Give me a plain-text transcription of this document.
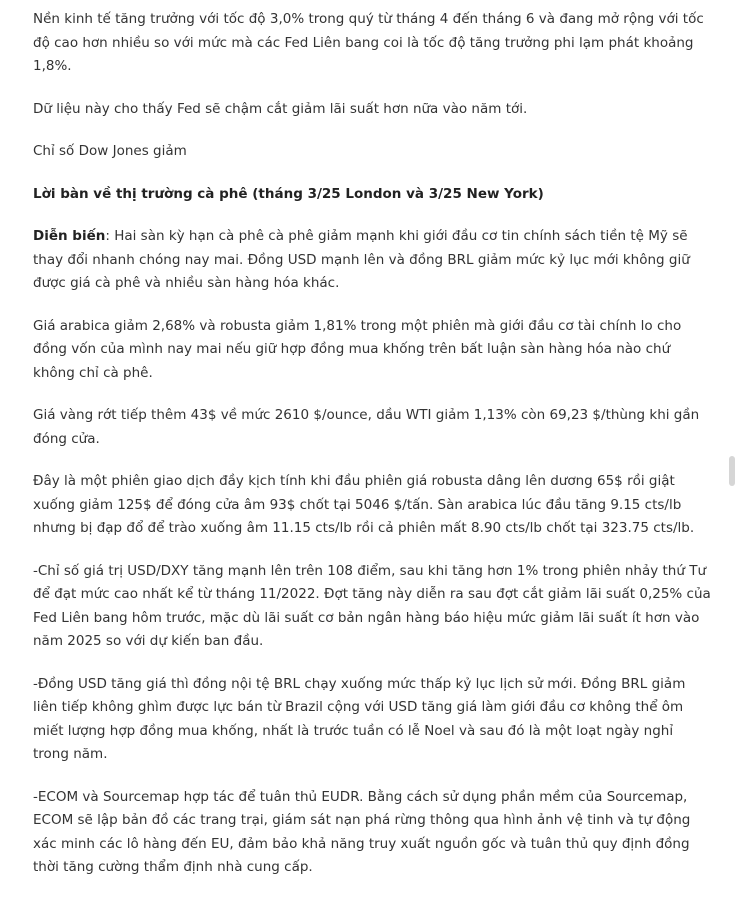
Nền kinh tế tăng trưởng với tốc độ 3,0% trong quý từ tháng 4 đến tháng 6 và đang mở rộng với tốc độ cao hơn nhiều so với mức mà các Fed Liên bang coi là tốc độ tăng trưởng phi lạm phát khoảng 1,8%.

Dữ liệu này cho thấy Fed sẽ chậm cắt giảm lãi suất hơn nữa vào năm tới.

Chỉ số Dow Jones giảm

Lời bàn về thị trường cà phê (tháng 3/25 London và 3/25 New York)

Diễn biến: Hai sàn kỳ hạn cà phê cà phê giảm mạnh khi giới đầu cơ tin chính sách tiền tệ Mỹ sẽ thay đổi nhanh chóng nay mai. Đồng USD mạnh lên và đồng BRL giảm mức kỷ lục mới không giữ được giá cà phê và nhiều sàn hàng hóa khác.

Giá arabica giảm 2,68% và robusta giảm 1,81% trong một phiên mà giới đầu cơ tài chính lo cho đồng vốn của mình nay mai nếu giữ hợp đồng mua khống trên bất luận sàn hàng hóa nào chứ không chỉ cà phê.

Giá vàng rớt tiếp thêm 43$ về mức 2610 $/ounce, dầu WTI giảm 1,13% còn 69,23 $/thùng khi gần đóng cửa.

Đây là một phiên giao dịch đầy kịch tính khi đầu phiên giá robusta dâng lên dương 65$ rồi giật xuống giảm 125$ để đóng cửa âm 93$ chốt tại 5046 $/tấn. Sàn arabica lúc đầu tăng 9.15 cts/lb nhưng bị đạp đổ để trào xuống âm 11.15 cts/lb rồi cả phiên mất 8.90 cts/lb chốt tại 323.75 cts/lb.

-Chỉ số giá trị USD/DXY tăng mạnh lên trên 108 điểm, sau khi tăng hơn 1% trong phiên nhảy thứ Tư để đạt mức cao nhất kể từ tháng 11/2022. Đợt tăng này diễn ra sau đợt cắt giảm lãi suất 0,25% của Fed Liên bang hôm trước, mặc dù lãi suất cơ bản ngân hàng báo hiệu mức giảm lãi suất ít hơn vào năm 2025 so với dự kiến ban đầu.

-Đồng USD tăng giá thì đồng nội tệ BRL chạy xuống mức thấp kỷ lục lịch sử mới. Đồng BRL giảm liên tiếp không ghìm được lực bán từ Brazil cộng với USD tăng giá làm giới đầu cơ không thể ôm miết lượng hợp đồng mua khống, nhất là trước tuần có lễ Noel và sau đó là một loạt ngày nghỉ trong năm.

-ECOM và Sourcemap hợp tác để tuân thủ EUDR. Bằng cách sử dụng phần mềm của Sourcemap, ECOM sẽ lập bản đồ các trang trại, giám sát nạn phá rừng thông qua hình ảnh vệ tinh và tự động xác minh các lô hàng đến EU, đảm bảo khả năng truy xuất nguồn gốc và tuân thủ quy định đồng thời tăng cường thẩm định nhà cung cấp.
